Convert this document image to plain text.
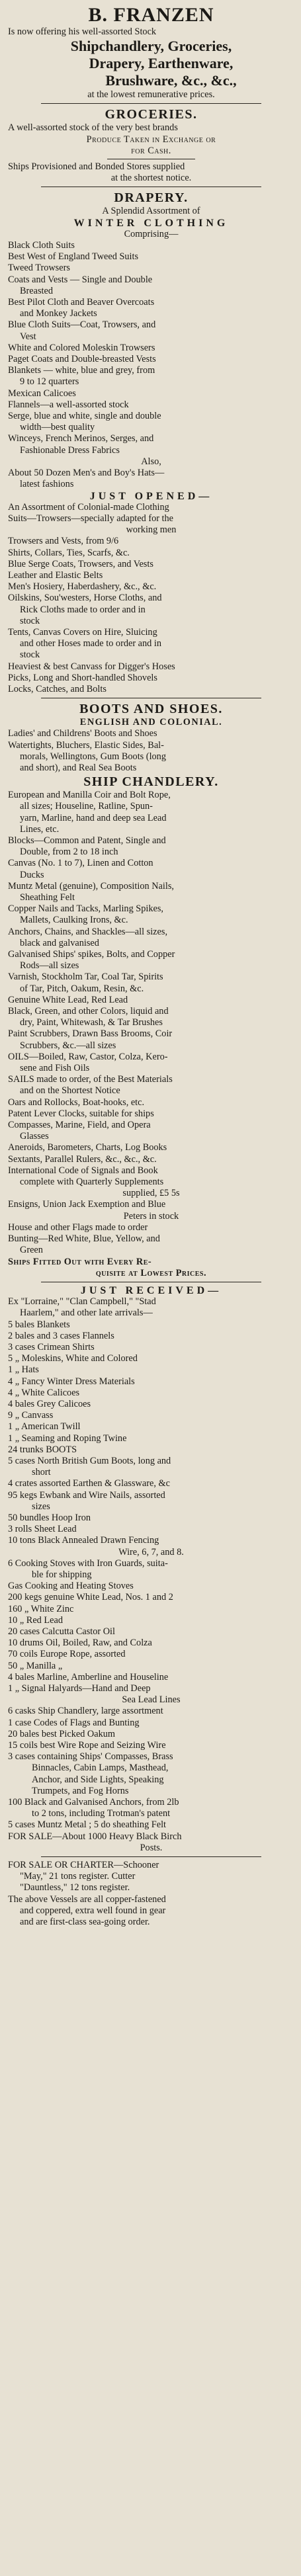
B. FRANZEN
Is now offering his well-assorted Stock
Shipchandlery, Groceries,
Drapery, Earthenware,
Brushware, &c., &c.,
at the lowest remunerative prices.
GROCERIES.
A well-assorted stock of the very best brands
Produce Taken in Exchange or
for Cash.
Ships Provisioned and Bonded Stores supplied
at the shortest notice.
DRAPERY.
A Splendid Assortment of
WINTER CLOTHING
Comprising—
Black Cloth Suits
Best West of England Tweed Suits
Tweed Trowsers
Coats and Vests — Single and Double
Breasted
Best Pilot Cloth and Beaver Overcoats
and Monkey Jackets
Blue Cloth Suits—Coat, Trowsers, and
Vest
White and Colored Moleskin Trowsers
Paget Coats and Double-breasted Vests
Blankets — white, blue and grey, from
9 to 12 quarters
Mexican Calicoes
Flannels—a well-assorted stock
Serge, blue and white, single and double
width—best quality
Winceys, French Merinos, Serges, and
Fashionable Dress Fabrics
Also,
About 50 Dozen Men's and Boy's Hats—
latest fashions
JUST OPENED—
An Assortment of Colonial-made Clothing
Suits—Trowsers—specially adapted for the
working men
Trowsers and Vests, from 9/6
Shirts, Collars, Ties, Scarfs, &c.
Blue Serge Coats, Trowsers, and Vests
Leather and Elastic Belts
Men's Hosiery, Haberdashery, &c., &c.
Oilskins, Sou'westers, Horse Cloths, and
Rick Cloths made to order and in
stock
Tents, Canvas Covers on Hire, Sluicing
and other Hoses made to order and in
stock
Heaviest & best Canvass for Digger's Hoses
Picks, Long and Short-handled Shovels
Locks, Catches, and Bolts
BOOTS AND SHOES.
ENGLISH AND COLONIAL.
Ladies' and Childrens' Boots and Shoes
Watertights, Bluchers, Elastic Sides, Bal-
morals, Wellingtons, Gum Boots (long
and short), and Real Sea Boots
SHIP CHANDLERY.
European and Manilla Coir and Bolt Rope,
all sizes; Houseline, Ratline, Spun-
yarn, Marline, hand and deep sea Lead
Lines, etc.
Blocks—Common and Patent, Single and
Double, from 2 to 18 inch
Canvas (No. 1 to 7), Linen and Cotton
Ducks
Muntz Metal (genuine), Composition Nails,
Sheathing Felt
Copper Nails and Tacks, Marling Spikes,
Mallets, Caulking Irons, &c.
Anchors, Chains, and Shackles—all sizes,
black and galvanised
Galvanised Ships' spikes, Bolts, and Copper
Rods—all sizes
Varnish, Stockholm Tar, Coal Tar, Spirits
of Tar, Pitch, Oakum, Resin, &c.
Genuine White Lead, Red Lead
Black, Green, and other Colors, liquid and
dry, Paint, Whitewash, & Tar Brushes
Paint Scrubbers, Drawn Bass Brooms, Coir
Scrubbers, &c.—all sizes
OILS—Boiled, Raw, Castor, Colza, Kero-
sene and Fish Oils
SAILS made to order, of the Best Materials
and on the Shortest Notice
Oars and Rollocks, Boat-hooks, etc.
Patent Lever Clocks, suitable for ships
Compasses, Marine, Field, and Opera
Glasses
Aneroids, Barometers, Charts, Log Books
Sextants, Parallel Rulers, &c., &c., &c.
International Code of Signals and Book
complete with Quarterly Supplements
supplied, £5 5s
Ensigns, Union Jack Exemption and Blue
Peters in stock
House and other Flags made to order
Bunting—Red White, Blue, Yellow, and
Green
Ships Fitted Out with Every Re-
quisite at Lowest Prices.
JUST RECEIVED—
Ex "Lorraine," "Clan Campbell," "Stad
Haarlem," and other late arrivals—
5 bales Blankets
2 bales and 3 cases Flannels
3 cases Crimean Shirts
5 „ Moleskins, White and Colored
1 „ Hats
4 „ Fancy Winter Dress Materials
4 „ White Calicoes
4 bales Grey Calicoes
9 „ Canvass
1 „ American Twill
1 „ Seaming and Roping Twine
24 trunks BOOTS
5 cases North British Gum Boots, long and
short
4 crates assorted Earthen & Glassware, &c
95 kegs Ewbank and Wire Nails, assorted
sizes
50 bundles Hoop Iron
3 rolls Sheet Lead
10 tons Black Annealed Drawn Fencing
Wire, 6, 7, and 8.
6 Cooking Stoves with Iron Guards, suita-
ble for shipping
Gas Cooking and Heating Stoves
200 kegs genuine White Lead, Nos. 1 and 2
160 „ White Zinc
10 „ Red Lead
20 cases Calcutta Castor Oil
10 drums Oil, Boiled, Raw, and Colza
70 coils Europe Rope, assorted
50 „ Manilla „
4 bales Marline, Amberline and Houseline
1 „ Signal Halyards—Hand and Deep
Sea Lead Lines
6 casks Ship Chandlery, large assortment
1 case Codes of Flags and Bunting
20 bales best Picked Oakum
15 coils best Wire Rope and Seizing Wire
3 cases containing Ships' Compasses, Brass
Binnacles, Cabin Lamps, Masthead,
Anchor, and Side Lights, Speaking
Trumpets, and Fog Horns
100 Black and Galvanised Anchors, from 2lb
to 2 tons, including Trotman's patent
5 cases Muntz Metal ; 5 do sheathing Felt
FOR SALE—About 1000 Heavy Black Birch
Posts.
FOR SALE OR CHARTER—Schooner
"May," 21 tons register. Cutter
"Dauntless," 12 tons register.
The above Vessels are all copper-fastened
and coppered, extra well found in gear
and are first-class sea-going order.
